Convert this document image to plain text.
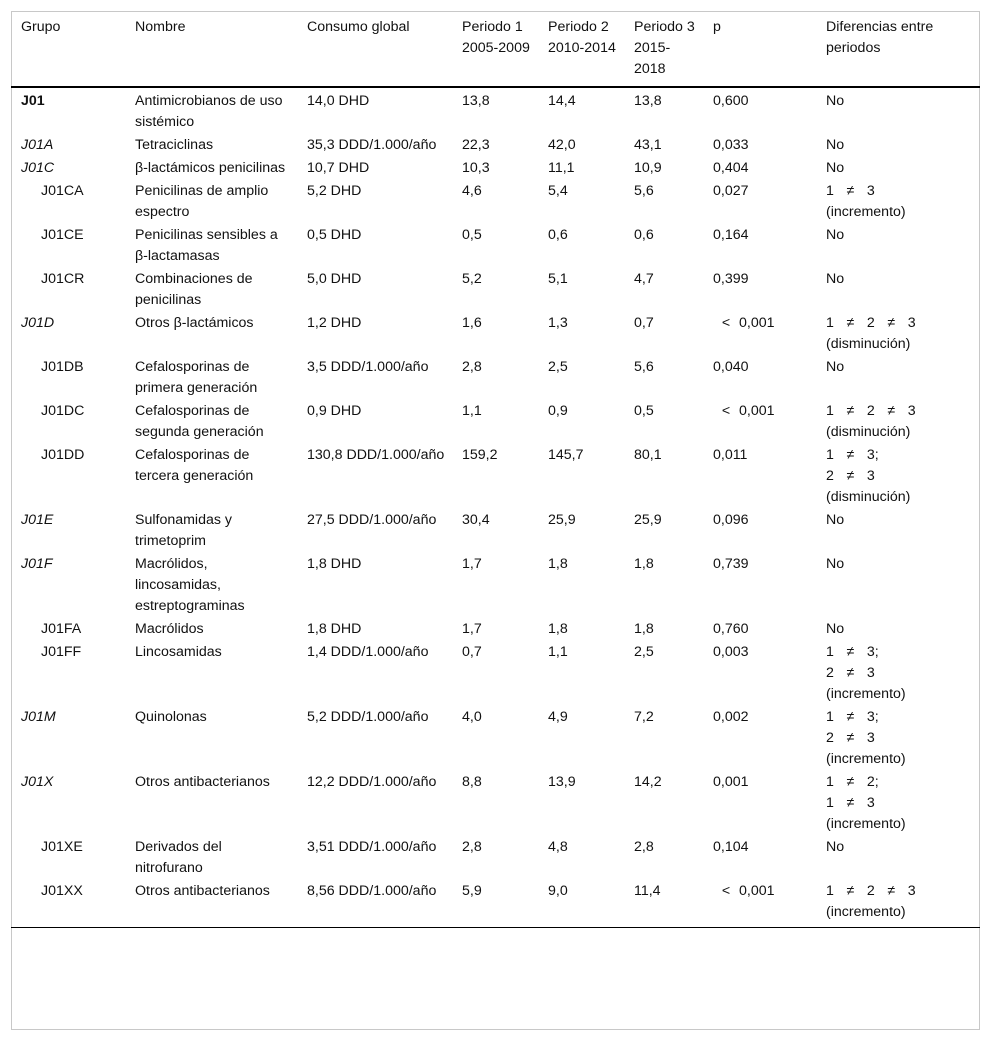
Grupo	Nombre	Consumo global	Periodo 1 2005-2009	Periodo 2 2010-2014	Periodo 3 2015-2018	p	Diferencias entre periodos
J01	Antimicrobianos de uso sistémico	14,0 DHD	13,8	14,4	13,8	0,600	No

J01A	Tetraciclinas	35,3 DDD/1.000/año	22,3	42,0	43,1	0,033	No

J01C	β-lactámicos penicilinas	10,7 DHD	10,3	11,1	10,9	0,404	No

J01CA	Penicilinas de amplio espectro	5,2 DHD	4,6	5,4	5,6	0,027	1≠3
(incremento)

J01CE	Penicilinas sensibles a β-lactamasas	0,5 DHD	0,5	0,6	0,6	0,164	No

J01CR	Combinaciones de penicilinas	5,0 DHD	5,2	5,1	4,7	0,399	No

J01D	Otros β-lactámicos	1,2 DHD	1,6	1,3	0,7	<0,001	1≠2≠3
(disminución)

J01DB	Cefalosporinas de primera generación	3,5 DDD/1.000/año	2,8	2,5	5,6	0,040	No

J01DC	Cefalosporinas de segunda generación	0,9 DHD	1,1	0,9	0,5	<0,001	1≠2≠3
(disminución)

J01DD	Cefalosporinas de tercera generación	130,8 DDD/1.000/año	159,2	145,7	80,1	0,011	1≠3;
2≠3
(disminución)

J01E	Sulfonamidas y trimetoprim	27,5 DDD/1.000/año	30,4	25,9	25,9	0,096	No

J01F	Macrólidos, lincosamidas, estreptograminas	1,8 DHD	1,7	1,8	1,8	0,739	No

J01FA	Macrólidos	1,8 DHD	1,7	1,8	1,8	0,760	No

J01FF	Lincosamidas	1,4 DDD/1.000/año	0,7	1,1	2,5	0,003	1≠3;
2≠3
(incremento)

J01M	Quinolonas	5,2 DDD/1.000/año	4,0	4,9	7,2	0,002	1≠3;
2≠3
(incremento)

J01X	Otros antibacterianos	12,2 DDD/1.000/año	8,8	13,9	14,2	0,001	1≠2;
1≠3
(incremento)

J01XE	Derivados del nitrofurano	3,51 DDD/1.000/año	2,8	4,8	2,8	0,104	No

J01XX	Otros antibacterianos	8,56 DDD/1.000/año	5,9	9,0	11,4	<0,001	1≠2≠3
(incremento)
